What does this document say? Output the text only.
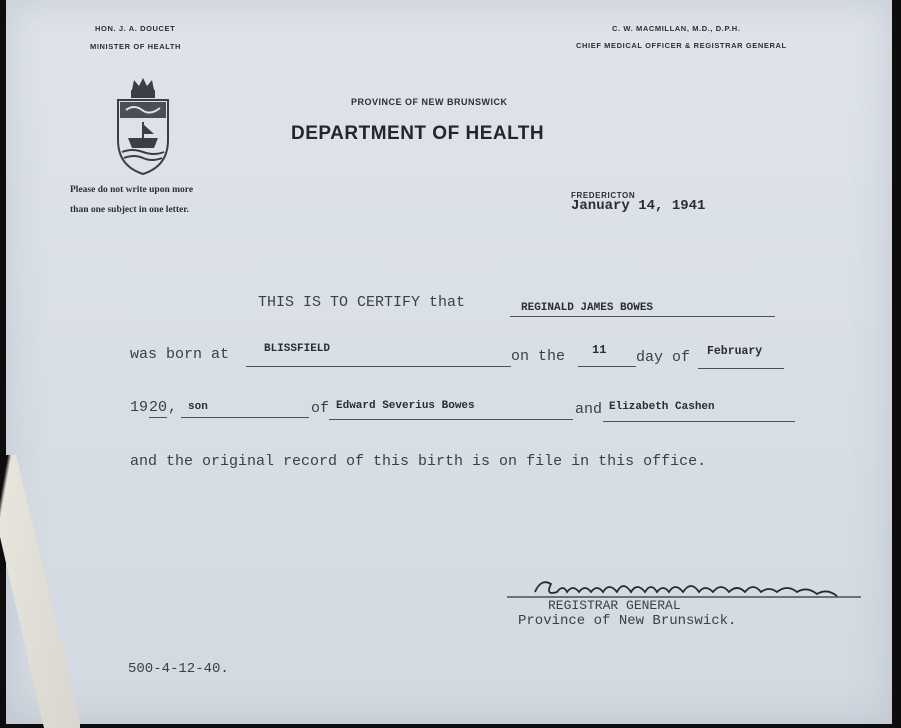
HON. J. A. DOUCET
MINISTER OF HEALTH
C. W. MACMILLAN, M.D., D.P.H.
CHIEF MEDICAL OFFICER & REGISTRAR GENERAL
PROVINCE OF NEW BRUNSWICK
DEPARTMENT OF HEALTH
Please do not write upon more
than one subject in one letter.
FREDERICTON
January 14, 1941
THIS IS TO CERTIFY that	REGINALD JAMES BOWES
was born at	BLISSFIELD	on the 11 day of February
19 20 , son	of Edward Severius Bowes	and Elizabeth Cashen
and the original record of this birth is on file in this office.
REGISTRAR GENERAL
Province of New Brunswick.
500-4-12-40.
